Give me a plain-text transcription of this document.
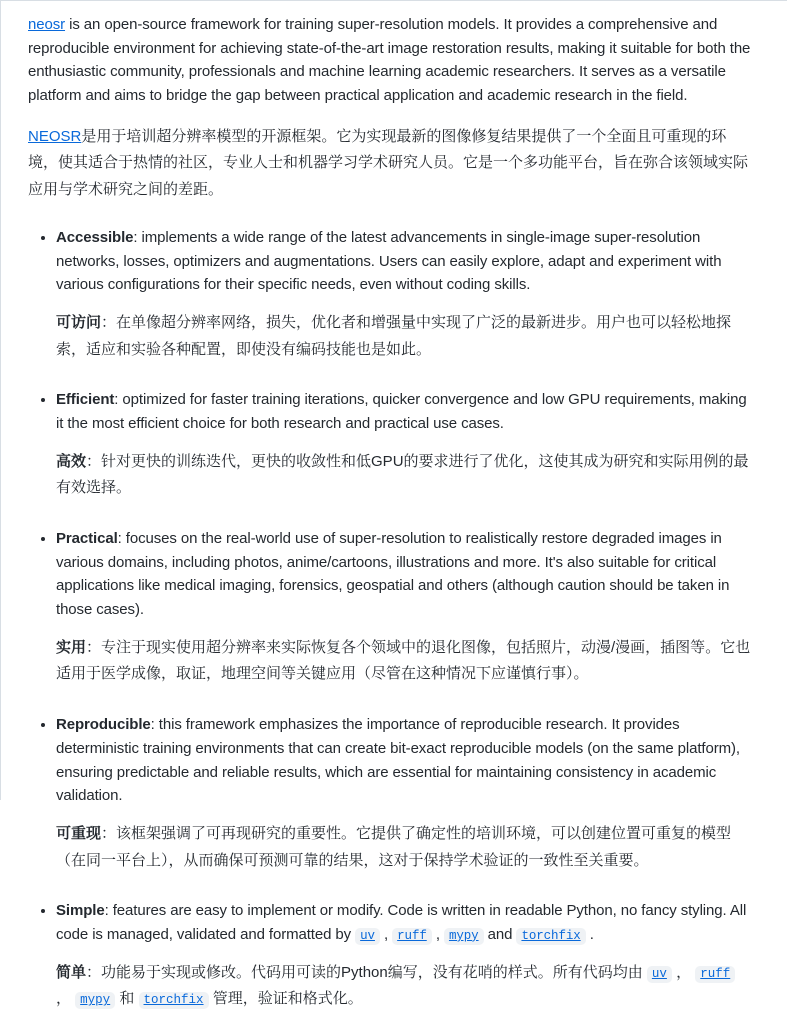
neosr is an open-source framework for training super-resolution models. It provides a comprehensive and reproducible environment for achieving state-of-the-art image restoration results, making it suitable for both the enthusiastic community, professionals and machine learning academic researchers. It serves as a versatile platform and aims to bridge the gap between practical application and academic research in the field.

NEOSR是用于培训超分辨率模型的开源框架。它为实现最新的图像修复结果提供了一个全面且可重现的环境，使其适合于热情的社区，专业人士和机器学习学术研究人员。它是一个多功能平台，旨在弥合该领域实际应用与学术研究之间的差距。

• Accessible: implements a wide range of the latest advancements in single-image super-resolution networks, losses, optimizers and augmentations. Users can easily explore, adapt and experiment with various configurations for their specific needs, even without coding skills.

可访问：在单像超分辨率网络，损失，优化者和增强量中实现了广泛的最新进步。用户也可以轻松地探索，适应和实验各种配置，即使没有编码技能也是如此。

• Efficient: optimized for faster training iterations, quicker convergence and low GPU requirements, making it the most efficient choice for both research and practical use cases.

高效：针对更快的训练迭代，更快的收敛性和低GPU的要求进行了优化，这使其成为研究和实际用例的最有效选择。

• Practical: focuses on the real-world use of super-resolution to realistically restore degraded images in various domains, including photos, anime/cartoons, illustrations and more. It's also suitable for critical applications like medical imaging, forensics, geospatial and others (although caution should be taken in those cases).

实用：专注于现实使用超分辨率来实际恢复各个领域中的退化图像，包括照片，动漫/漫画，插图等。它也适用于医学成像，取证，地理空间等关键应用（尽管在这种情况下应谨慎行事）。

• Reproducible: this framework emphasizes the importance of reproducible research. It provides deterministic training environments that can create bit-exact reproducible models (on the same platform), ensuring predictable and reliable results, which are essential for maintaining consistency in academic validation.

可重现：该框架强调了可再现研究的重要性。它提供了确定性的培训环境，可以创建位置可重复的模型（在同一平台上），从而确保可预测可靠的结果，这对于保持学术验证的一致性至关重要。

• Simple: features are easy to implement or modify. Code is written in readable Python, no fancy styling. All code is managed, validated and formatted by uv , ruff , mypy and torchfix .

简单：功能易于实现或修改。代码用可读的Python编写，没有花哨的样式。所有代码均由 uv ， ruff ， mypy 和 torchfix 管理，验证和格式化。
